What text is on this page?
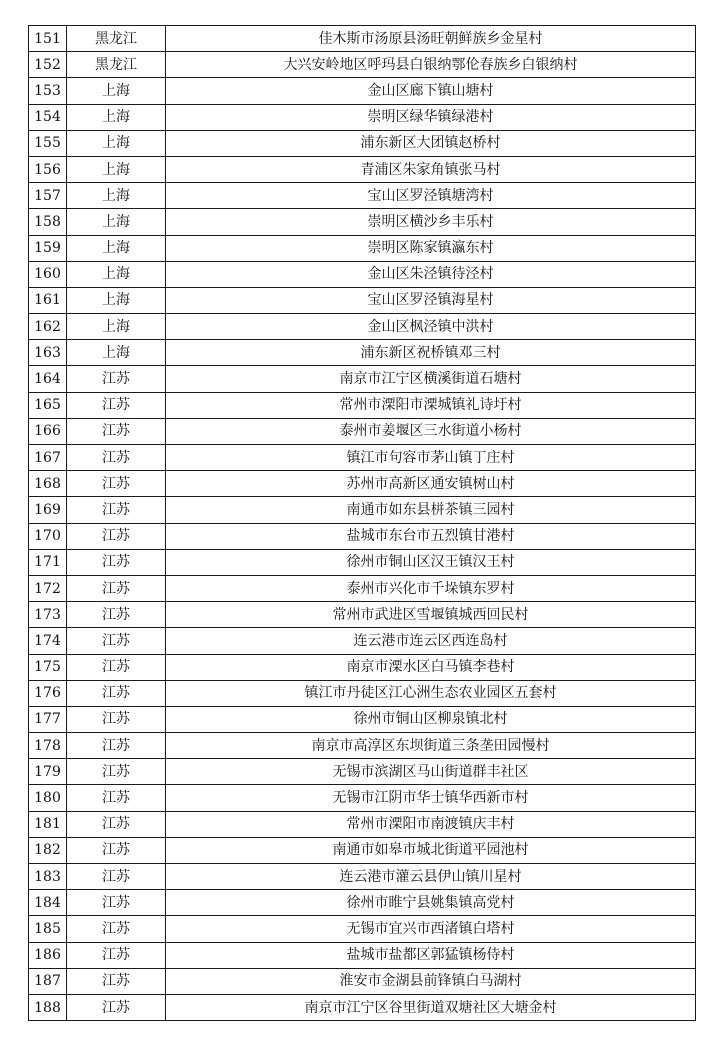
151	黑龙江	佳木斯市汤原县汤旺朝鲜族乡金星村
152	黑龙江	大兴安岭地区呼玛县白银纳鄂伦春族乡白银纳村
153	上海	金山区廊下镇山塘村
154	上海	崇明区绿华镇绿港村
155	上海	浦东新区大团镇赵桥村
156	上海	青浦区朱家角镇张马村
157	上海	宝山区罗泾镇塘湾村
158	上海	崇明区横沙乡丰乐村
159	上海	崇明区陈家镇瀛东村
160	上海	金山区朱泾镇待泾村
161	上海	宝山区罗泾镇海星村
162	上海	金山区枫泾镇中洪村
163	上海	浦东新区祝桥镇邓三村
164	江苏	南京市江宁区横溪街道石塘村
165	江苏	常州市溧阳市溧城镇礼诗圩村
166	江苏	泰州市姜堰区三水街道小杨村
167	江苏	镇江市句容市茅山镇丁庄村
168	江苏	苏州市高新区通安镇树山村
169	江苏	南通市如东县栟茶镇三园村
170	江苏	盐城市东台市五烈镇甘港村
171	江苏	徐州市铜山区汉王镇汉王村
172	江苏	泰州市兴化市千垛镇东罗村
173	江苏	常州市武进区雪堰镇城西回民村
174	江苏	连云港市连云区西连岛村
175	江苏	南京市溧水区白马镇李巷村
176	江苏	镇江市丹徒区江心洲生态农业园区五套村
177	江苏	徐州市铜山区柳泉镇北村
178	江苏	南京市高淳区东坝街道三条垄田园慢村
179	江苏	无锡市滨湖区马山街道群丰社区
180	江苏	无锡市江阴市华士镇华西新市村
181	江苏	常州市溧阳市南渡镇庆丰村
182	江苏	南通市如皋市城北街道平园池村
183	江苏	连云港市灌云县伊山镇川星村
184	江苏	徐州市睢宁县姚集镇高党村
185	江苏	无锡市宜兴市西渚镇白塔村
186	江苏	盐城市盐都区郭猛镇杨侍村
187	江苏	淮安市金湖县前锋镇白马湖村
188	江苏	南京市江宁区谷里街道双塘社区大塘金村
